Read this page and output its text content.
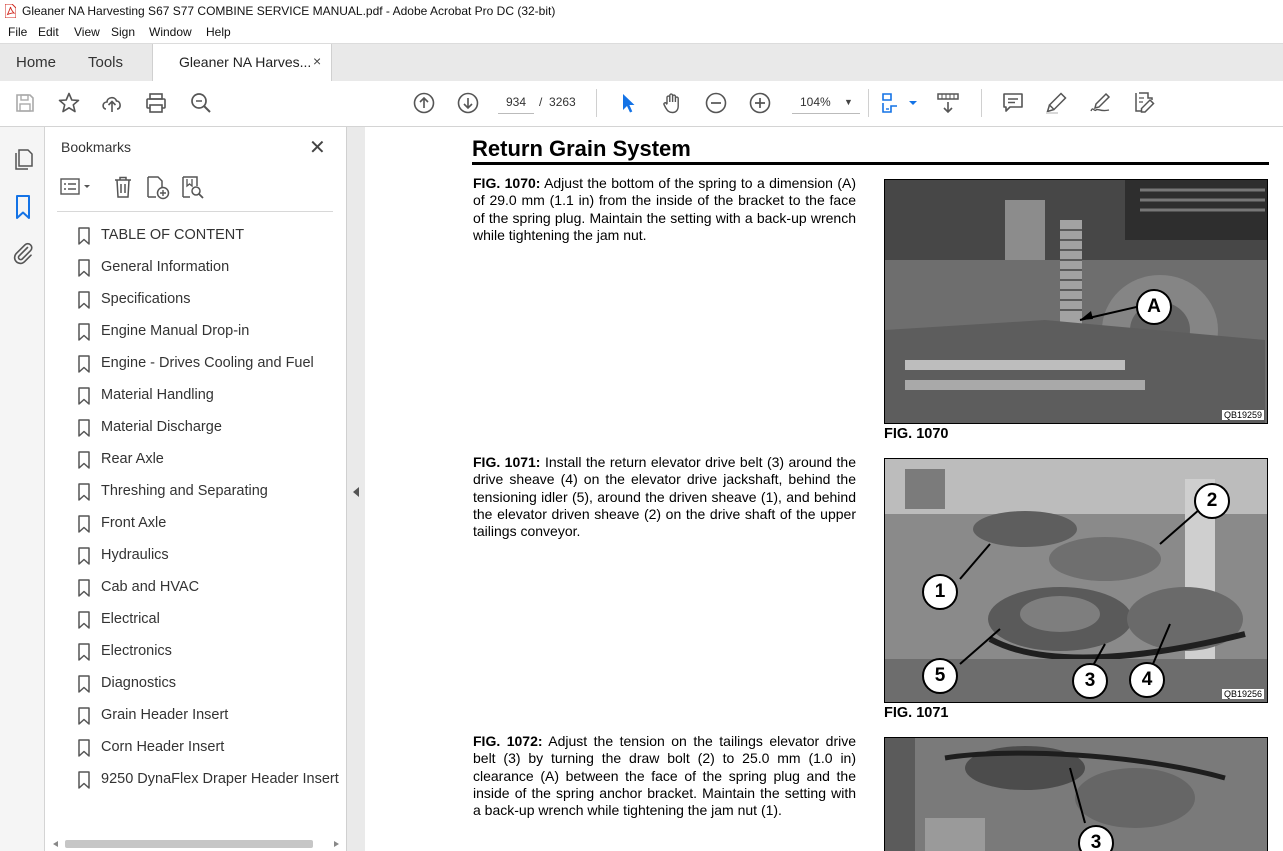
Gleaner NA Harvesting S67 S77 COMBINE SERVICE MANUAL.pdf - Adobe Acrobat Pro DC (32-bit)
File Edit View Sign Window Help
Home Tools	Gleaner NA Harves... ×
934	/ 3263	104% ▼
Bookmarks	✕
TABLE OF CONTENT
General Information
Specifications
Engine Manual Drop-in
Engine - Drives Cooling and Fuel
Material Handling
Material Discharge
Rear Axle
Threshing and Separating
Front Axle
Hydraulics
Cab and HVAC
Electrical
Electronics
Diagnostics
Grain Header Insert
Corn Header Insert
9250 DynaFlex Draper Header Insert
Return Grain System
FIG. 1070: Adjust the bottom of the spring to a dimension (A) of 29.0 mm (1.1 in) from the inside of the bracket to the face of the spring plug. Maintain the setting with a back-up wrench while tightening the jam nut.
A
QB19259
FIG. 1070
FIG. 1071: Install the return elevator drive belt (3) around the drive sheave (4) on the elevator drive jackshaft, behind the tensioning idler (5), around the driven sheave (1), and behind the elevator driven sheave (2) on the drive shaft of the upper tailings conveyor.
2
1
5	3	4
QB19256
FIG. 1071
FIG. 1072: Adjust the tension on the tailings elevator drive belt (3) by turning the draw bolt (2) to 25.0 mm (1.0 in) clearance (A) between the face of the spring plug and the inside of the spring anchor bracket. Maintain the setting with a back-up wrench while tightening the jam nut (1).
3
